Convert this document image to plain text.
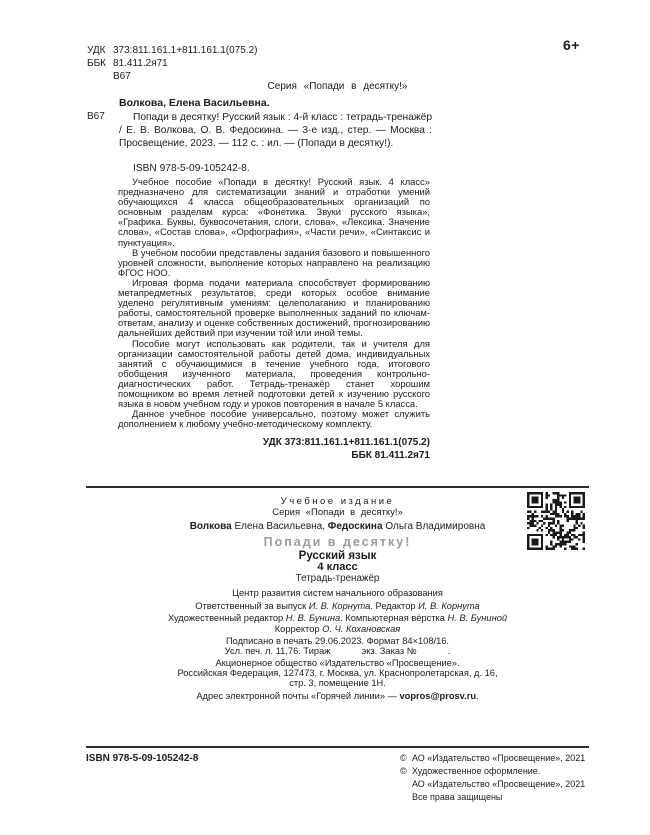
УДК 373:811.161.1+811.161.1(075.2)
ББК 81.411.2я71
В67
6+
Серия «Попади в десятку!»
Волкова, Елена Васильевна.
В67	Попади в десятку! Русский язык : 4-й класс : тетрадь-тренажёр / Е. В. Волкова, О. В. Федоскина. — 3-е изд., стер. — Москва : Просвещение, 2023. — 112 с. : ил. — (Попади в десятку!).
ISBN 978-5-09-105242-8.

Учебное пособие «Попади в десятку! Русский язык. 4 класс» предназначено для систематизации знаний и отработки умений обучающихся 4 класса общеобразовательных организаций по основным разделам курса: «Фонетика. Звуки русского языка», «Графика. Буквы, буквосочетания, слоги, слова», «Лексика. Значение слова», «Состав слова», «Орфография», «Части речи», «Синтаксис и пунктуация».

В учебном пособии представлены задания базового и повышенного уровней сложности, выполнение которых направлено на реализацию ФГОС НОО.

Игровая форма подачи материала способствует формированию метапредметных результатов, среди которых особое внимание уделено регулятивным умениям: целеполаганию и планированию работы, самостоятельной проверке выполненных заданий по ключам-ответам, анализу и оценке собственных достижений, прогнозированию дальнейших действий при изучении той или иной темы.

Пособие могут использовать как родители, так и учителя для организации самостоятельной работы детей дома, индивидуальных занятий с обучающимися в течение учебного года, итогового обобщения изученного материала, проведения контрольно-диагностических работ. Тетрадь-тренажёр станет хорошим помощником во время летней подготовки детей к изучению русского языка в новом учебном году и уроков повторения в начале 5 класса.

Данное учебное пособие универсально, поэтому может служить дополнением к любому учебно-методическому комплекту.

УДК 373:811.161.1+811.161.1(075.2)
ББК 81.411.2я71
Учебное издание
Серия «Попади в десятку!»
Волкова Елена Васильевна, Федоскина Ольга Владимировна
Попади в десятку!
Русский язык
4 класс
Тетрадь-тренажёр
Центр развития систем начального образования
Ответственный за выпуск И. В. Корнута. Редактор И. В. Корнута
Художественный редактор Н. В. Бунина. Компьютерная вёрстка Н. В. Буниной
Корректор О. Ч. Кохановская
Подписано в печать 29.06.2023. Формат 84×108/16.
Усл. печ. л. 11,76. Тираж            экз. Заказ №            .
Акционерное общество «Издательство «Просвещение».
Российская Федерация, 127473, г. Москва, ул. Краснопролетарская, д. 16,
стр. 3, помещение 1Н.
Адрес электронной почты «Горячей линии» — vopros@prosv.ru.
ISBN 978-5-09-105242-8	© АО «Издательство «Просвещение», 2021
© Художественное оформление.
АО «Издательство «Просвещение», 2021
Все права защищены
